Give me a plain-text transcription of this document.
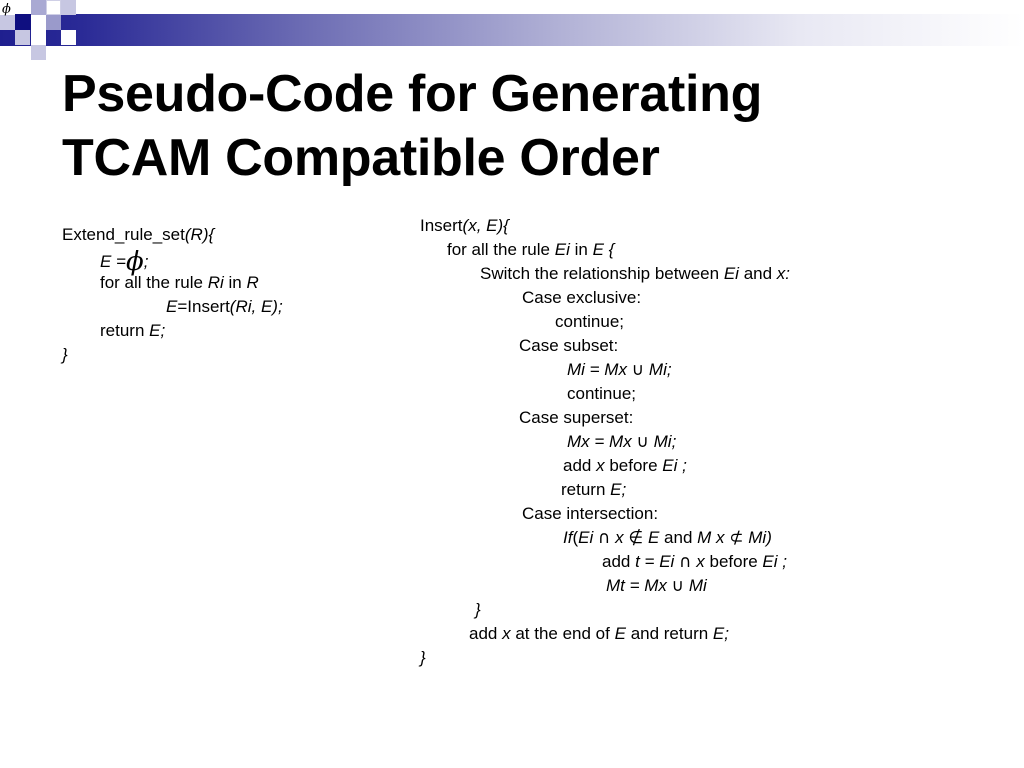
ϕ
Pseudo-Code for Generating
TCAM Compatible Order
Extend_rule_set(R){
E =ϕ;
for all the rule Ri in R
E=Insert(Ri, E);
return E;
}
Insert(x, E){
for all the rule Ei in E {
Switch the relationship between Ei and x:
Case exclusive:
continue;
Case subset:
Mi = Mx ∪ Mi;
continue;
Case superset:
Mx = Mx ∪ Mi;
add x before Ei ;
return E;
Case intersection:
If(Ei ∩ x ∉ E and M x ⊄ Mi)
add t = Ei ∩ x before Ei ;
Mt = Mx ∪ Mi
}
add x at the end of E and return E;
}
